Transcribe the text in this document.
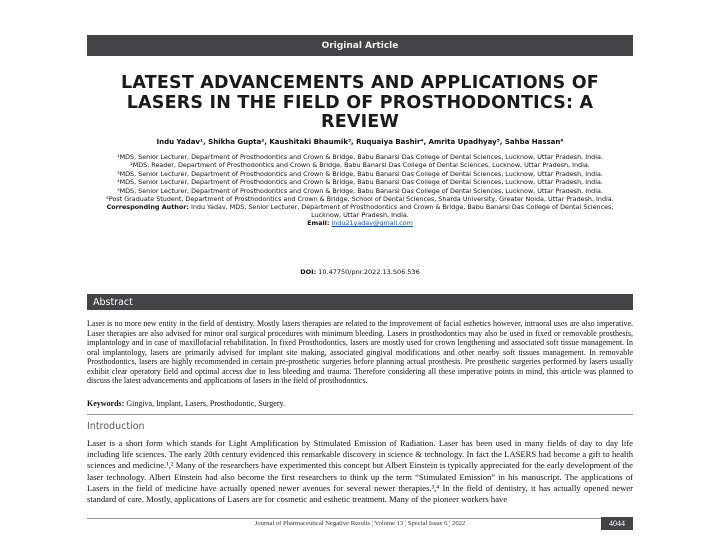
Original Article
LATEST ADVANCEMENTS AND APPLICATIONS OF
LASERS IN THE FIELD OF PROSTHODONTICS: A
REVIEW
Indu Yadav¹, Shikha Gupta², Kaushitaki Bhaumik³, Ruquaiya Bashir⁴, Amrita Upadhyay⁵, Sahba Hassan⁶
¹MDS, Senior Lecturer, Department of Prosthodontics and Crown & Bridge, Babu Banarsi Das College of Dental Sciences, Lucknow, Uttar Pradesh, India.
²MDS, Reader, Department of Prosthodontics and Crown & Bridge, Babu Banarsi Das College of Dental Sciences, Lucknow, Uttar Pradesh, India.
³MDS, Senior Lecturer, Department of Prosthodontics and Crown & Bridge, Babu Banarsi Das College of Dental Sciences, Lucknow, Uttar Pradesh, India.
⁴MDS, Senior Lecturer, Department of Prosthodontics and Crown & Bridge, Babu Banarsi Das College of Dental Sciences, Lucknow, Uttar Pradesh, India.
⁵MDS, Senior Lecturer, Department of Prosthodontics and Crown & Bridge, Babu Banarsi Das College of Dental Sciences, Lucknow, Uttar Pradesh, India.
⁶Post Graduate Student, Department of Prosthodontics and Crown & Bridge, School of Dental Sciences, Sharda University, Greater Noida, Uttar Pradesh, India.
Corresponding Author: Indu Yadav, MDS, Senior Lecturer, Department of Prosthodontics and Crown & Bridge, Babu Banarsi Das College of Dental Sciences, Lucknow, Uttar Pradesh, India.
Email: indu21yadav@gmail.com
DOI: 10.47750/pnr.2022.13.S06.536
Abstract
Laser is no more new entity in the field of dentistry. Mostly lasers therapies are related to the improvement of facial esthetics however, intraoral uses are also imperative. Laser therapies are also advised for minor oral surgical procedures with minimum bleeding. Lasers in prosthodontics may also be used in fixed or removable prosthesis, implantology and in case of maxillofacial rehabilitation. In fixed Prosthodontics, lasers are mostly used for crown lengthening and associated soft tissue management. In oral implantology, lasers are primarily advised for implant site making, associated gingival modifications and other nearby soft tissues management. In removable Prosthodontics, lasers are highly recommended in certain pre-prosthetic surgeries before planning actual prosthesis. Pre prosthetic surgeries performed by lasers usually exhibit clear operatory field and optimal access due to less bleeding and trauma. Therefore considering all these imperative points in mind, this article was planned to discuss the latest advancements and applications of lasers in the field of prosthodontics.
Keywords: Gingiva, Implant, Lasers, Prosthodontic, Surgery.
Introduction
Laser is a short form which stands for Light Amplification by Stimulated Emission of Radiation. Laser has been used in many fields of day to day life including life sciences. The early 20th century evidenced this remarkable discovery in science & technology. In fact the LASERS had become a gift to health sciences and medicine.¹,² Many of the researchers have experimented this concept but Albert Einstein is typically appreciated for the early development of the laser technology. Albert Einstein had also become the first researchers to think up the term “Stimulated Emission” in his manuscript. The applications of Lasers in the field of medicine have actually opened newer avenues for several newer therapies.³,⁴ In the field of dentistry, it has actually opened newer standard of care. Mostly, applications of Lasers are for cosmetic and esthetic treatment. Many of the pioneer workers have
Journal of Pharmaceutical Negative Results ¦ Volume 13 ¦ Special Issue 6 ¦ 2022	4044
